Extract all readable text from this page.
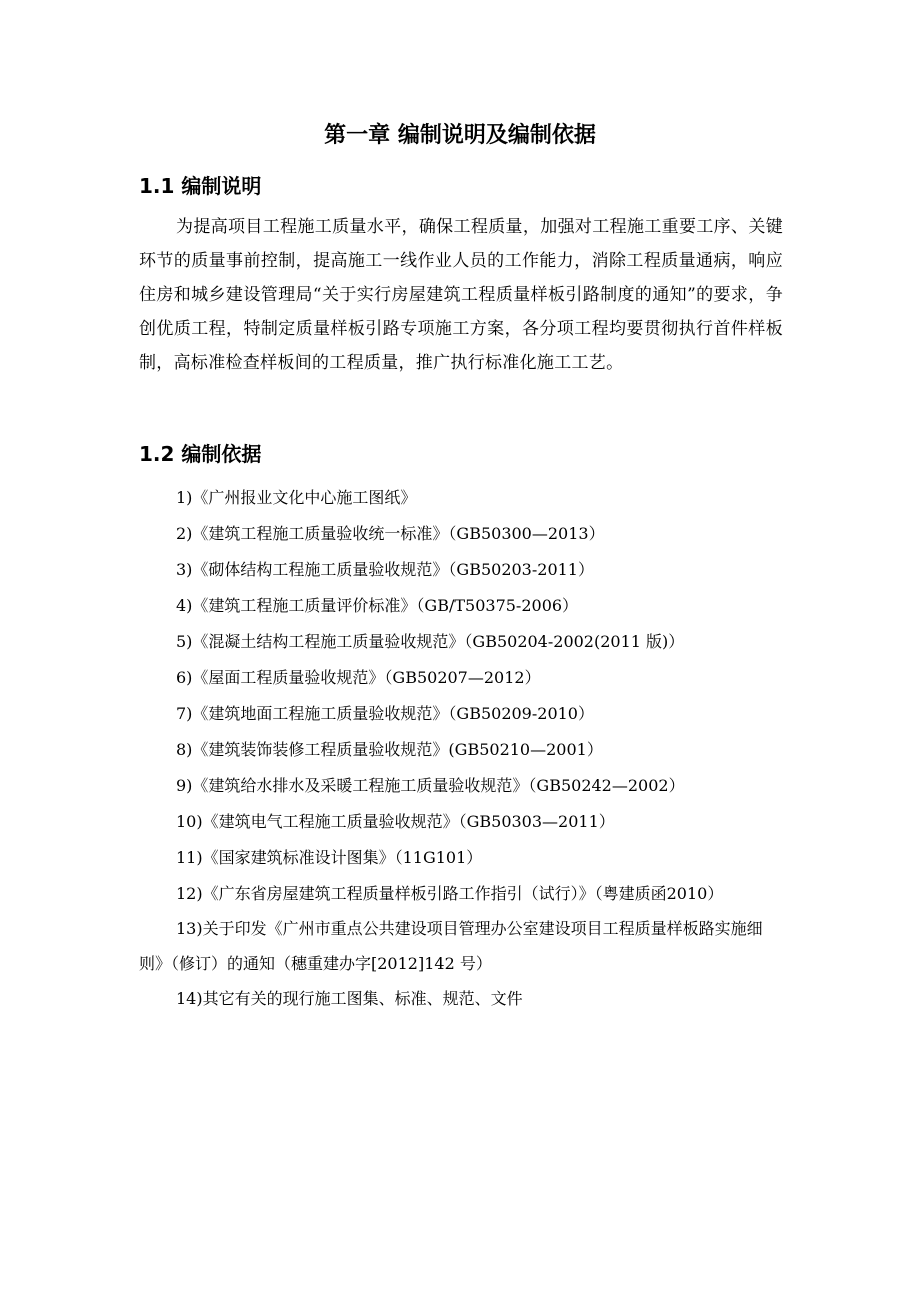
第一章 编制说明及编制依据
1.1 编制说明

为提高项目工程施工质量水平，确保工程质量，加强对工程施工重要工序、关键环节的质量事前控制，提高施工一线作业人员的工作能力，消除工程质量通病，响应住房和城乡建设管理局“关于实行房屋建筑工程质量样板引路制度的通知”的要求，争创优质工程，特制定质量样板引路专项施工方案，各分项工程均要贯彻执行首件样板制，高标准检查样板间的工程质量，推广执行标准化施工工艺。

1.2 编制依据
1)《广州报业文化中心施工图纸》
2)《建筑工程施工质量验收统一标准》（GB50300—2013）
3)《砌体结构工程施工质量验收规范》（GB50203-2011）
4)《建筑工程施工质量评价标准》（GB/T50375-2006）
5)《混凝土结构工程施工质量验收规范》（GB50204-2002(2011 版)）
6)《屋面工程质量验收规范》（GB50207—2012）
7)《建筑地面工程施工质量验收规范》（GB50209-2010）
8)《建筑装饰装修工程质量验收规范》(GB50210—2001）
9)《建筑给水排水及采暖工程施工质量验收规范》（GB50242—2002）
10)《建筑电气工程施工质量验收规范》（GB50303—2011）
11)《国家建筑标准设计图集》（11G101）
12)《广东省房屋建筑工程质量样板引路工作指引（试行）》（粤建质函2010）
13)关于印发《广州市重点公共建设项目管理办公室建设项目工程质量样板路实施细则》（修订）的通知（穗重建办字[2012]142 号）
14)其它有关的现行施工图集、标准、规范、文件
